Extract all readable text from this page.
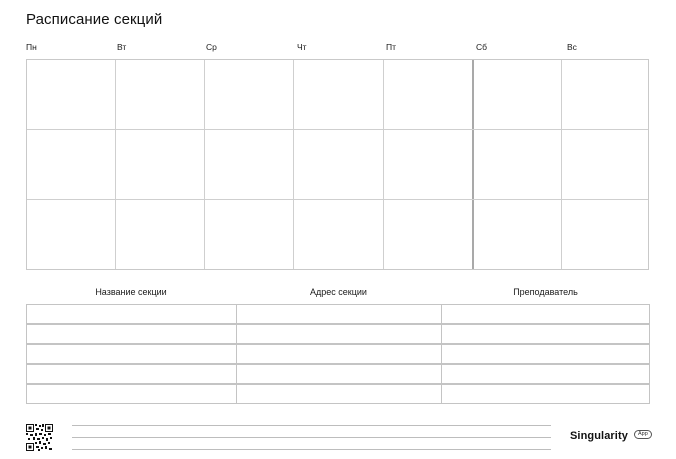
Расписание секций
Пн	Вт	Ср	Чт	Пт	Сб	Вс
Название секции	Адрес секции	Преподаватель
Singularity	App
